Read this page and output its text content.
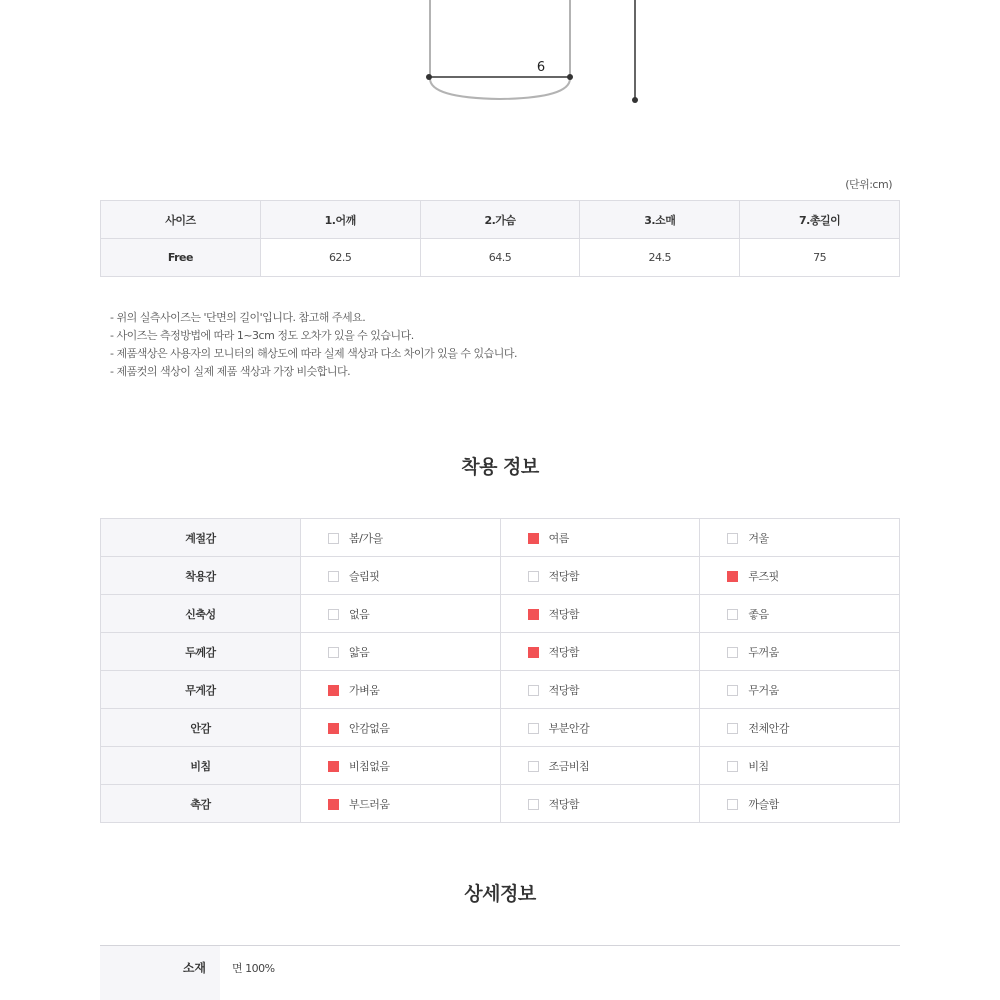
6
(단위:cm)
사이즈	1.어깨	2.가슴	3.소매	7.총길이
Free	62.5	64.5	24.5	75
- 위의 실측사이즈는 '단면의 길이'입니다. 참고해 주세요.
- 사이즈는 측정방법에 따라 1~3cm 정도 오차가 있을 수 있습니다.
- 제품색상은 사용자의 모니터의 해상도에 따라 실제 색상과 다소 차이가 있을 수 있습니다.
- 제품컷의 색상이 실제 제품 색상과 가장 비슷합니다.
착용 정보
계절감	봄/가을	여름	겨울
착용감	슬림핏	적당함	루즈핏
신축성	없음	적당함	좋음
두께감	얇음	적당함	두꺼움
무게감	가벼움	적당함	무거움
안감	안감없음	부분안감	전체안감
비침	비침없음	조금비침	비침
촉감	부드러움	적당함	까슬함
상세정보
소재	면 100%
